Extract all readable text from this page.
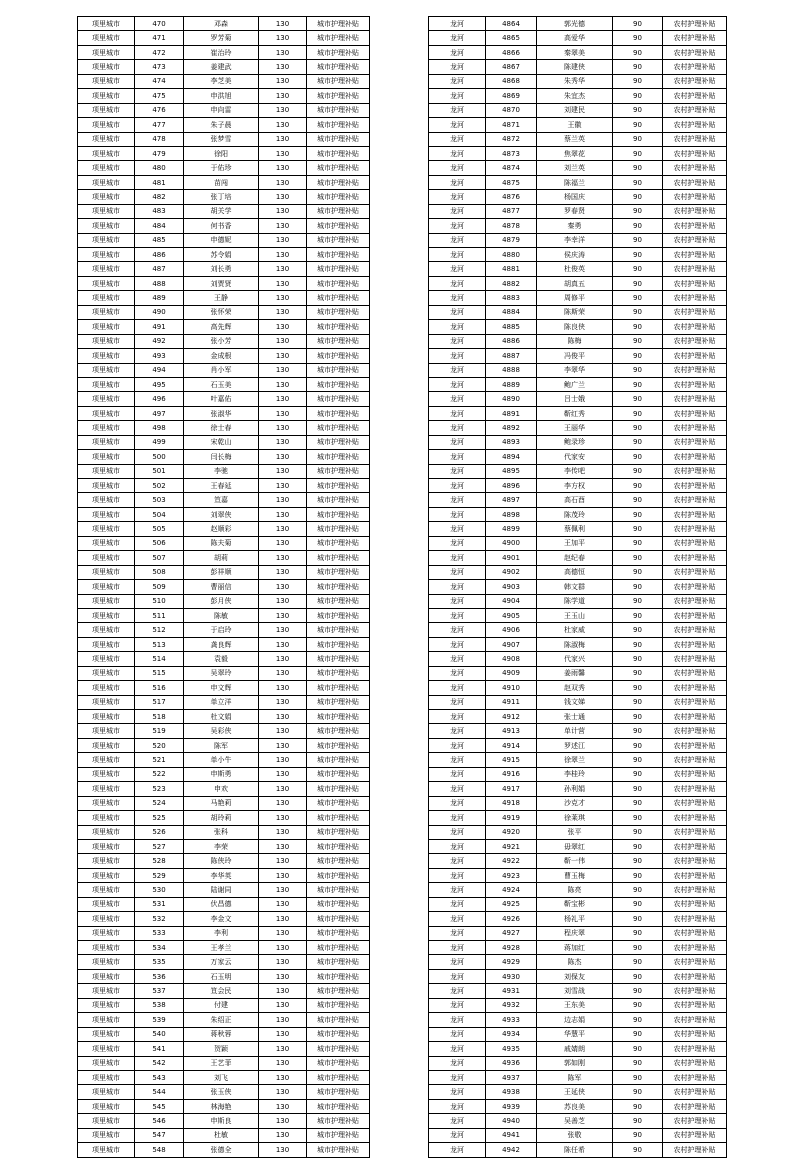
项里城市	470	邓森	130	城市护理补贴
项里城市	471	罗芳菊	130	城市护理补贴
项里城市	472	崔治玲	130	城市护理补贴
项里城市	473	姜建武	130	城市护理补贴
项里城市	474	李芝美	130	城市护理补贴
项里城市	475	申洪旭	130	城市护理补贴
项里城市	476	申向雷	130	城市护理补贴
项里城市	477	朱子晨	130	城市护理补贴
项里城市	478	张梦雪	130	城市护理补贴
项里城市	479	徐阳	130	城市护理补贴
项里城市	480	于佑珍	130	城市护理补贴
项里城市	481	苗闯	130	城市护理补贴
项里城市	482	张丁培	130	城市护理补贴
项里城市	483	胡关学	130	城市护理补贴
项里城市	484	何书香	130	城市护理补贴
项里城市	485	申德妮	130	城市护理补贴
项里城市	486	苏令娟	130	城市护理补贴
项里城市	487	刘长勇	130	城市护理补贴
项里城市	488	刘贾贤	130	城市护理补贴
项里城市	489	王静	130	城市护理补贴
项里城市	490	张怀荣	130	城市护理补贴
项里城市	491	高先辉	130	城市护理补贴
项里城市	492	张小芳	130	城市护理补贴
项里城市	493	金成根	130	城市护理补贴
项里城市	494	肖小军	130	城市护理补贴
项里城市	495	石玉美	130	城市护理补贴
项里城市	496	叶嘉佑	130	城市护理补贴
项里城市	497	张淑华	130	城市护理补贴
项里城市	498	徐士春	130	城市护理补贴
项里城市	499	宋乾山	130	城市护理补贴
项里城市	500	闫长梅	130	城市护理补贴
项里城市	501	李驰	130	城市护理补贴
项里城市	502	王春延	130	城市护理补贴
项里城市	503	笪嘉	130	城市护理补贴
项里城市	504	刘翠侠	130	城市护理补贴
项里城市	505	赵顺彩	130	城市护理补贴
项里城市	506	陈夫菊	130	城市护理补贴
项里城市	507	胡莉	130	城市护理补贴
项里城市	508	彭祥顺	130	城市护理补贴
项里城市	509	曹丽信	130	城市护理补贴
项里城市	510	彭月侠	130	城市护理补贴
项里城市	511	陈敏	130	城市护理补贴
项里城市	512	于启玲	130	城市护理补贴
项里城市	513	龚良辉	130	城市护理补贴
项里城市	514	袁毅	130	城市护理补贴
项里城市	515	吴翠玲	130	城市护理补贴
项里城市	516	申文辉	130	城市护理补贴
项里城市	517	单立洋	130	城市护理补贴
项里城市	518	杜文娟	130	城市护理补贴
项里城市	519	吴彩侠	130	城市护理补贴
项里城市	520	陈军	130	城市护理补贴
项里城市	521	单小牛	130	城市护理补贴
项里城市	522	申斯勇	130	城市护理补贴
项里城市	523	申欢	130	城市护理补贴
项里城市	524	马艳莉	130	城市护理补贴
项里城市	525	胡玲莉	130	城市护理补贴
项里城市	526	张科	130	城市护理补贴
项里城市	527	李荣	130	城市护理补贴
项里城市	528	陈侠玲	130	城市护理补贴
项里城市	529	李华英	130	城市护理补贴
项里城市	530	陆谢同	130	城市护理补贴
项里城市	531	伏昌德	130	城市护理补贴
项里城市	532	李金文	130	城市护理补贴
项里城市	533	李利	130	城市护理补贴
项里城市	534	王孝兰	130	城市护理补贴
项里城市	535	万家云	130	城市护理补贴
项里城市	536	石玉明	130	城市护理补贴
项里城市	537	笪会民	130	城市护理补贴
项里城市	538	付建	130	城市护理补贴
项里城市	539	朱绍正	130	城市护理补贴
项里城市	540	蒋秋蓉	130	城市护理补贴
项里城市	541	贺颖	130	城市护理补贴
项里城市	542	王艺菲	130	城市护理补贴
项里城市	543	刘飞	130	城市护理补贴
项里城市	544	张玉侠	130	城市护理补贴
项里城市	545	林海艳	130	城市护理补贴
项里城市	546	申斯良	130	城市护理补贴
项里城市	547	杜敏	130	城市护理补贴
项里城市	548	张德全	130	城市护理补贴
龙河	4864	郭光德	90	农村护理补贴
龙河	4865	高爱华	90	农村护理补贴
龙河	4866	秦翠美	90	农村护理补贴
龙河	4867	陈建侠	90	农村护理补贴
龙河	4868	朱秀华	90	农村护理补贴
龙河	4869	朱宜杰	90	农村护理补贴
龙河	4870	刘建民	90	农村护理补贴
龙河	4871	王徽	90	农村护理补贴
龙河	4872	蔡兰英	90	农村护理补贴
龙河	4873	焦翠花	90	农村护理补贴
龙河	4874	刘兰英	90	农村护理补贴
龙河	4875	陈福兰	90	农村护理补贴
龙河	4876	杨国庆	90	农村护理补贴
龙河	4877	罗春贤	90	农村护理补贴
龙河	4878	秦勇	90	农村护理补贴
龙河	4879	李幸洋	90	农村护理补贴
龙河	4880	侯庆涛	90	农村护理补贴
龙河	4881	杜俊英	90	农村护理补贴
龙河	4882	胡真五	90	农村护理补贴
龙河	4883	周修平	90	农村护理补贴
龙河	4884	陈斯荣	90	农村护理补贴
龙河	4885	陈良侠	90	农村护理补贴
龙河	4886	陈梅	90	农村护理补贴
龙河	4887	冯俊平	90	农村护理补贴
龙河	4888	李翠华	90	农村护理补贴
龙河	4889	鲍广兰	90	农村护理补贴
龙河	4890	吕士娥	90	农村护理补贴
龙河	4891	靳红秀	90	农村护理补贴
龙河	4892	王丽华	90	农村护理补贴
龙河	4893	鲍录珍	90	农村护理补贴
龙河	4894	代家安	90	农村护理补贴
龙河	4895	李传吧	90	农村护理补贴
龙河	4896	李方权	90	农村护理补贴
龙河	4897	高石酉	90	农村护理补贴
龙河	4898	陈茂玲	90	农村护理补贴
龙河	4899	蔡佩利	90	农村护理补贴
龙河	4900	王加平	90	农村护理补贴
龙河	4901	赵纪春	90	农村护理补贴
龙河	4902	高德恒	90	农村护理补贴
龙河	4903	韩文群	90	农村护理补贴
龙河	4904	陈学道	90	农村护理补贴
龙河	4905	王玉山	90	农村护理补贴
龙河	4906	杜家威	90	农村护理补贴
龙河	4907	陈淑梅	90	农村护理补贴
龙河	4908	代家兴	90	农村护理补贴
龙河	4909	姜雨馨	90	农村护理补贴
龙河	4910	赵双秀	90	农村护理补贴
龙河	4911	钱文娣	90	农村护理补贴
龙河	4912	张士通	90	农村护理补贴
龙河	4913	单计营	90	农村护理补贴
龙河	4914	罗述江	90	农村护理补贴
龙河	4915	徐翠兰	90	农村护理补贴
龙河	4916	李桂玲	90	农村护理补贴
龙河	4917	孙利娟	90	农村护理补贴
龙河	4918	沙克才	90	农村护理补贴
龙河	4919	徐莱琪	90	农村护理补贴
龙河	4920	张平	90	农村护理补贴
龙河	4921	毋翠红	90	农村护理补贴
龙河	4922	靳一伟	90	农村护理补贴
龙河	4923	曹玉梅	90	农村护理补贴
龙河	4924	陈亮	90	农村护理补贴
龙河	4925	靳宝彬	90	农村护理补贴
龙河	4926	杨礼平	90	农村护理补贴
龙河	4927	程庆翠	90	农村护理补贴
龙河	4928	蒋加红	90	农村护理补贴
龙河	4929	陈杰	90	农村护理补贴
龙河	4930	刘保友	90	农村护理补贴
龙河	4931	刘雪战	90	农村护理补贴
龙河	4932	王东美	90	农村护理补贴
龙河	4933	边志娟	90	农村护理补贴
龙河	4934	华慧平	90	农村护理补贴
龙河	4935	戚婧朗	90	农村护理补贴
龙河	4936	郭如刚	90	农村护理补贴
龙河	4937	陈军	90	农村护理补贴
龙河	4938	王延侠	90	农村护理补贴
龙河	4939	苏良美	90	农村护理补贴
龙河	4940	吴善芝	90	农村护理补贴
龙河	4941	张敬	90	农村护理补贴
龙河	4942	陈任希	90	农村护理补贴
